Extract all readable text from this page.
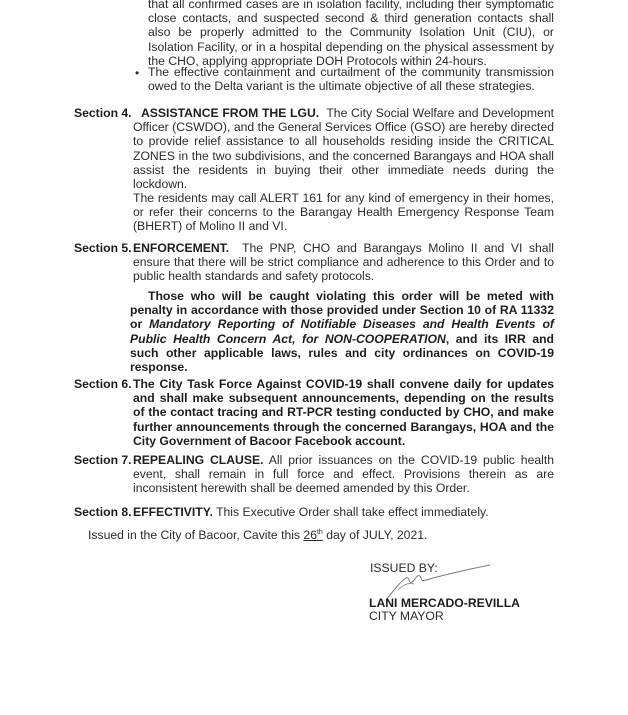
that all confirmed cases are in isolation facility, including their symptomatic close contacts, and suspected second & third generation contacts shall also be properly admitted to the Community Isolation Unit (CIU), or Isolation Facility, or in a hospital depending on the physical assessment by the CHO, applying appropriate DOH Protocols within 24-hours.
• The effective containment and curtailment of the community transmission owed to the Delta variant is the ultimate objective of all these strategies.
Section 4. ASSISTANCE FROM THE LGU. The City Social Welfare and Development Officer (CSWDO), and the General Services Office (GSO) are hereby directed to provide relief assistance to all households residing inside the CRITICAL ZONES in the two subdivisions, and the concerned Barangays and HOA shall assist the residents in buying their other immediate needs during the lockdown.
The residents may call ALERT 161 for any kind of emergency in their homes, or refer their concerns to the Barangay Health Emergency Response Team (BHERT) of Molino II and VI.
Section 5. ENFORCEMENT. The PNP, CHO and Barangays Molino II and VI shall ensure that there will be strict compliance and adherence to this Order and to public health standards and safety protocols.
Those who will be caught violating this order will be meted with penalty in accordance with those provided under Section 10 of RA 11332 or Mandatory Reporting of Notifiable Diseases and Health Events of Public Health Concern Act, for NON-COOPERATION, and its IRR and such other applicable laws, rules and city ordinances on COVID-19 response.
Section 6. The City Task Force Against COVID-19 shall convene daily for updates and shall make subsequent announcements, depending on the results of the contact tracing and RT-PCR testing conducted by CHO, and make further announcements through the concerned Barangays, HOA and the City Government of Bacoor Facebook account.
Section 7. REPEALING CLAUSE. All prior issuances on the COVID-19 public health event, shall remain in full force and effect. Provisions therein as are inconsistent herewith shall be deemed amended by this Order.
Section 8. EFFECTIVITY. This Executive Order shall take effect immediately.
Issued in the City of Bacoor, Cavite this 26th day of JULY, 2021.
ISSUED BY:
LANI MERCADO-REVILLA
CITY MAYOR
